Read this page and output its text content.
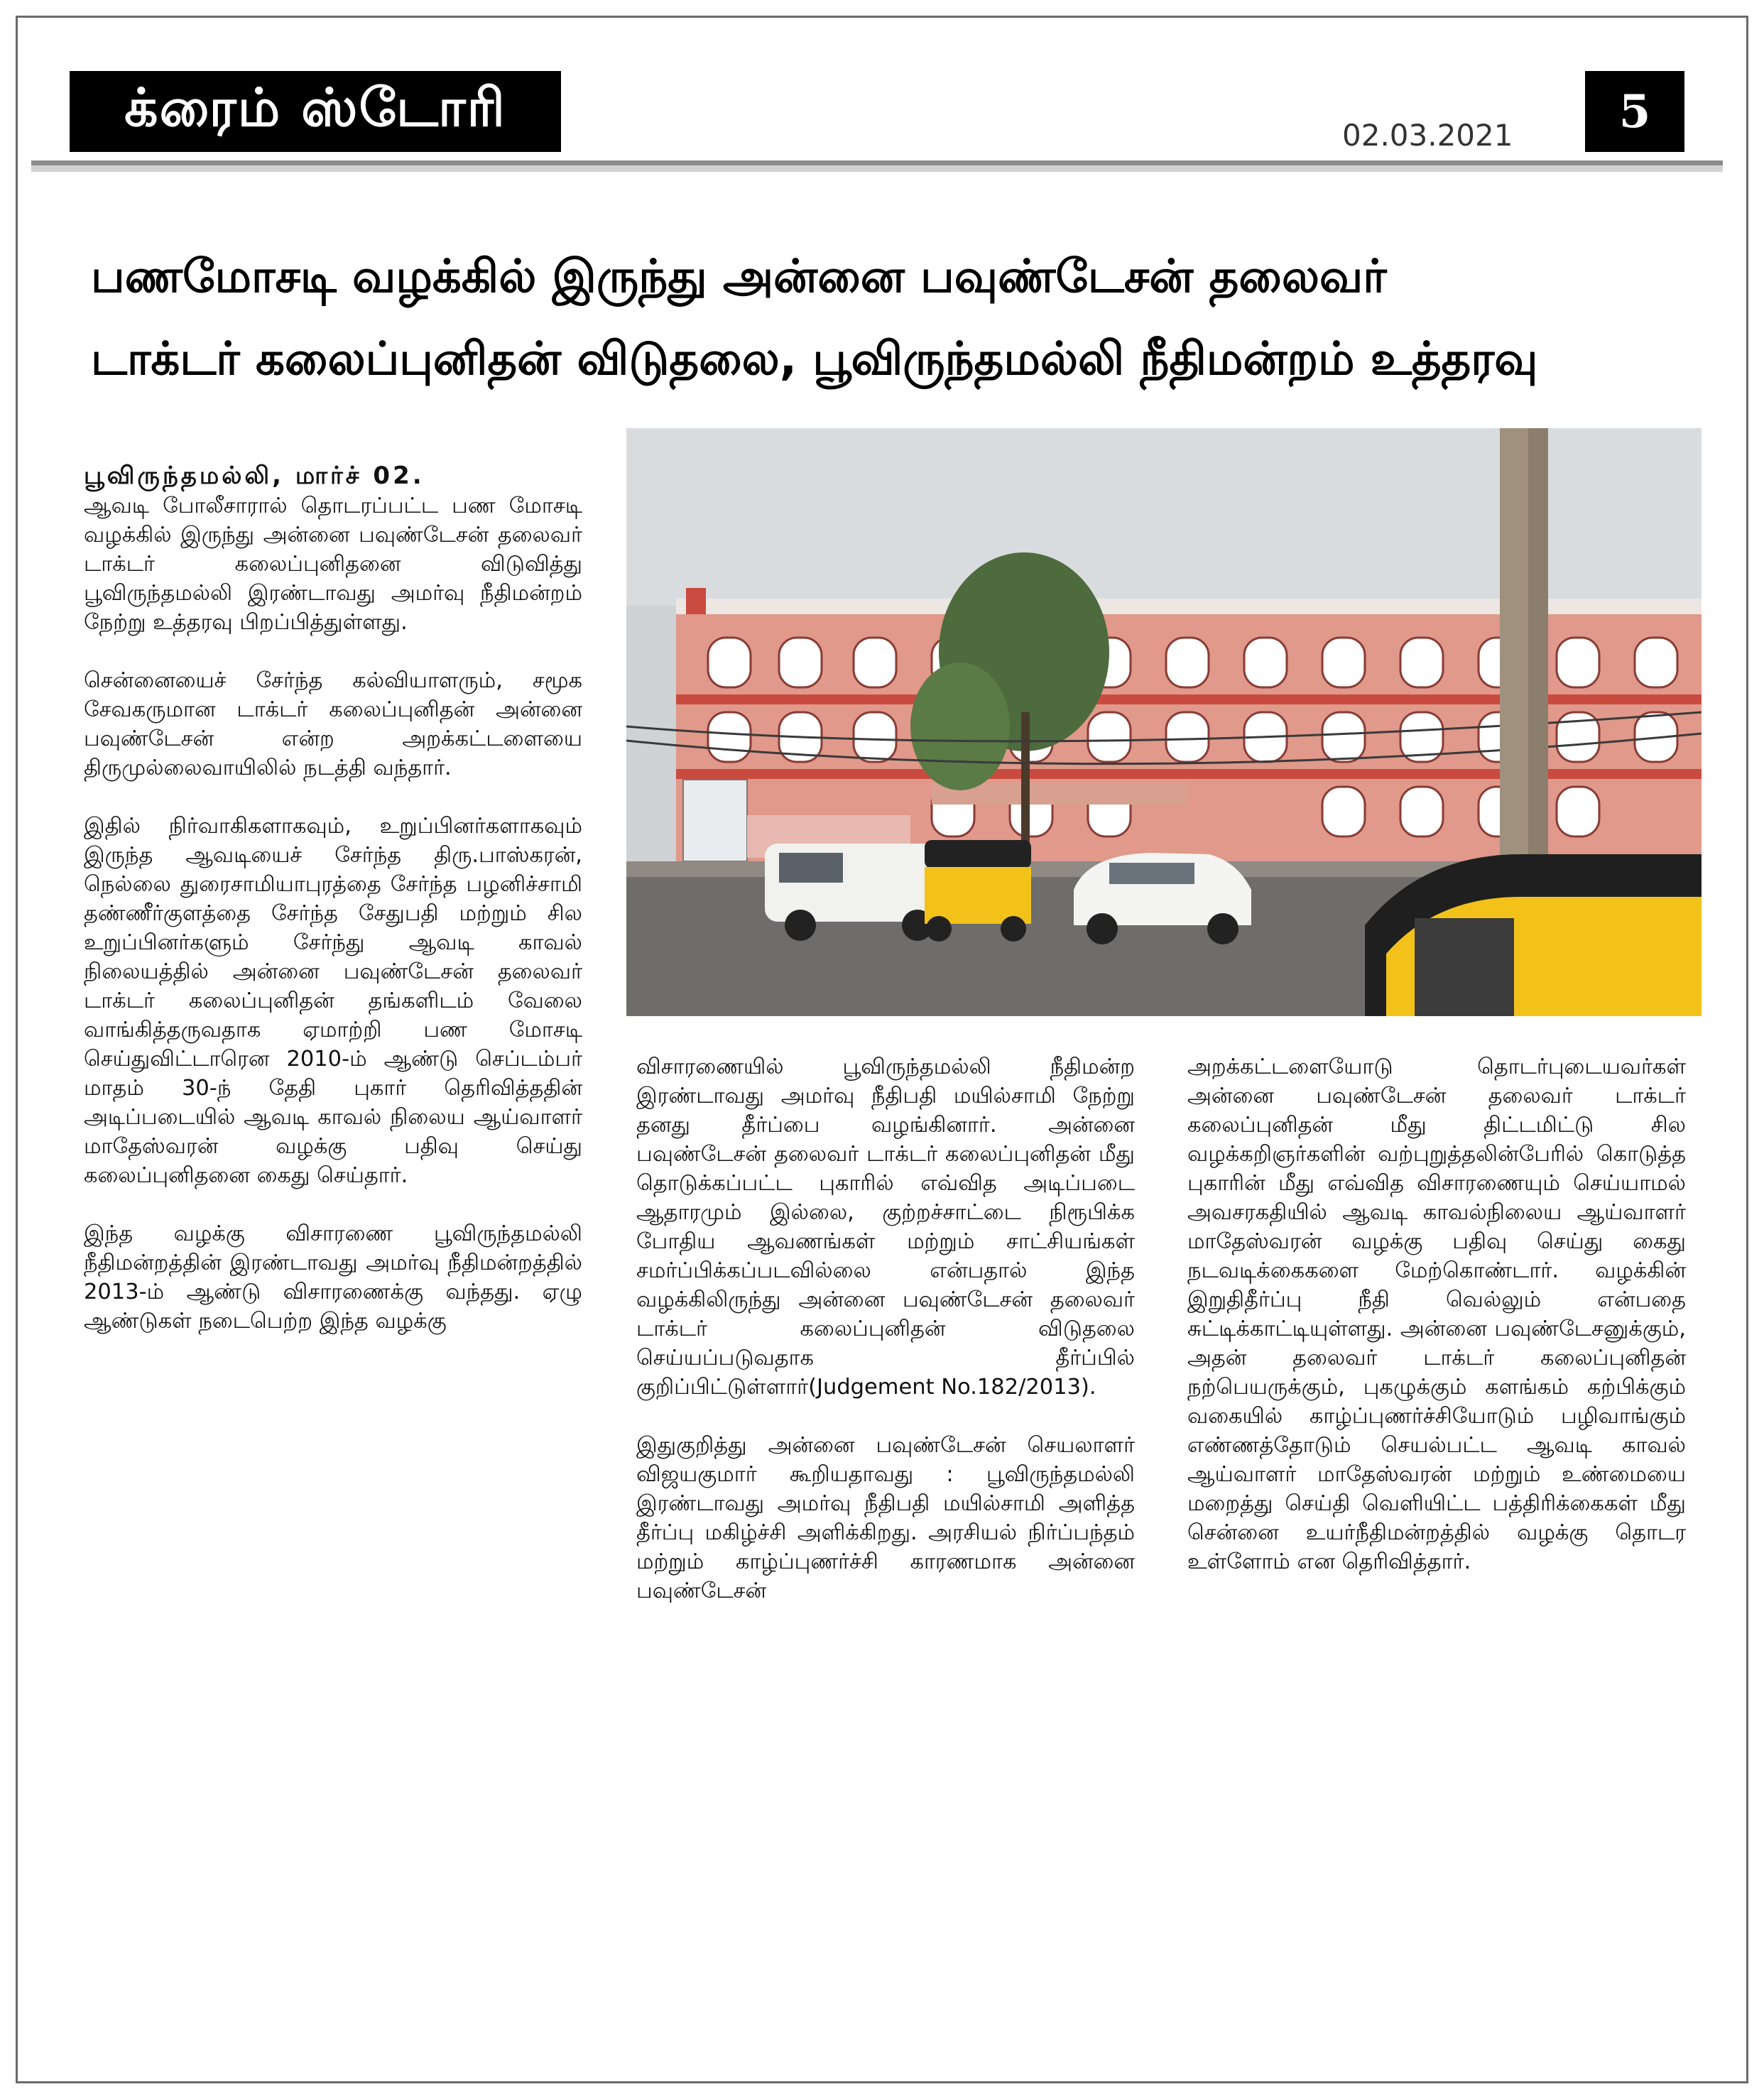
க்ரைம் ஸ்டோரி	02.03.2021	5
பணமோசடி வழக்கில் இருந்து அன்னை பவுண்டேசன் தலைவர்
டாக்டர் கலைப்புனிதன் விடுதலை, பூவிருந்தமல்லி நீதிமன்றம் உத்தரவு

பூவிருந்தமல்லி, மார்ச் 02.

ஆவடி போலீசாரால் தொடரப்பட்ட பண மோசடி வழக்கில் இருந்து அன்னை பவுண்டேசன் தலைவர் டாக்டர் கலைப்புனிதனை விடுவித்து பூவிருந்தமல்லி இரண்டாவது அமர்வு நீதிமன்றம் நேற்று உத்தரவு பிறப்பித்துள்ளது.

சென்னையைச் சேர்ந்த கல்வியாளரும், சமூக சேவகருமான டாக்டர் கலைப்புனிதன் அன்னை பவுண்டேசன் என்ற அறக்கட்டளையை திருமுல்லைவாயிலில் நடத்தி வந்தார்.

இதில் நிர்வாகிகளாகவும், உறுப்பினர்களாகவும் இருந்த ஆவடியைச் சேர்ந்த திரு.பாஸ்கரன், நெல்லை துரைசாமியாபுரத்தை சேர்ந்த பழனிச்சாமி தண்ணீர்குளத்தை சேர்ந்த சேதுபதி மற்றும் சில உறுப்பினர்களும் சேர்ந்து ஆவடி காவல் நிலையத்தில் அன்னை பவுண்டேசன் தலைவர் டாக்டர் கலைப்புனிதன் தங்களிடம் வேலை வாங்கித்தருவதாக ஏமாற்றி பண மோசடி செய்துவிட்டாரென 2010-ம் ஆண்டு செப்டம்பர் மாதம் 30-ந் தேதி புகார் தெரிவித்ததின் அடிப்படையில் ஆவடி காவல் நிலைய ஆய்வாளர் மாதேஸ்வரன் வழக்கு பதிவு செய்து கலைப்புனிதனை கைது செய்தார்.

இந்த வழக்கு விசாரணை பூவிருந்தமல்லி நீதிமன்றத்தின் இரண்டாவது அமர்வு நீதிமன்றத்தில் 2013-ம் ஆண்டு விசாரணைக்கு வந்தது. ஏழு ஆண்டுகள் நடைபெற்ற இந்த வழக்கு

விசாரணையில் பூவிருந்தமல்லி நீதிமன்ற இரண்டாவது அமர்வு நீதிபதி மயில்சாமி நேற்று தனது தீர்ப்பை வழங்கினார். அன்னை பவுண்டேசன் தலைவர் டாக்டர் கலைப்புனிதன் மீது தொடுக்கப்பட்ட புகாரில் எவ்வித அடிப்படை ஆதாரமும் இல்லை, குற்றச்சாட்டை நிரூபிக்க போதிய ஆவணங்கள் மற்றும் சாட்சியங்கள் சமர்ப்பிக்கப்படவில்லை என்பதால் இந்த வழக்கிலிருந்து அன்னை பவுண்டேசன் தலைவர் டாக்டர் கலைப்புனிதன் விடுதலை செய்யப்படுவதாக தீர்ப்பில் குறிப்பிட்டுள்ளார்(Judgement No.182/2013).

இதுகுறித்து அன்னை பவுண்டேசன் செயலாளர் விஜயகுமார் கூறியதாவது : பூவிருந்தமல்லி இரண்டாவது அமர்வு நீதிபதி மயில்சாமி அளித்த தீர்ப்பு மகிழ்ச்சி அளிக்கிறது. அரசியல் நிர்ப்பந்தம் மற்றும் காழ்ப்புணர்ச்சி காரணமாக அன்னை பவுண்டேசன்

அறக்கட்டளையோடு தொடர்புடையவர்கள் அன்னை பவுண்டேசன் தலைவர் டாக்டர் கலைப்புனிதன் மீது திட்டமிட்டு சில வழக்கறிஞர்களின் வற்புறுத்தலின்பேரில் கொடுத்த புகாரின் மீது எவ்வித விசாரணையும் செய்யாமல் அவசரகதியில் ஆவடி காவல்நிலைய ஆய்வாளர் மாதேஸ்வரன் வழக்கு பதிவு செய்து கைது நடவடிக்கைகளை மேற்கொண்டார். வழக்கின் இறுதிதீர்ப்பு நீதி வெல்லும் என்பதை சுட்டிக்காட்டியுள்ளது. அன்னை பவுண்டேசனுக்கும், அதன் தலைவர் டாக்டர் கலைப்புனிதன் நற்பெயருக்கும், புகழுக்கும் களங்கம் கற்பிக்கும் வகையில் காழ்ப்புணர்ச்சியோடும் பழிவாங்கும் எண்ணத்தோடும் செயல்பட்ட ஆவடி காவல் ஆய்வாளர் மாதேஸ்வரன் மற்றும் உண்மையை மறைத்து செய்தி வெளியிட்ட பத்திரிக்கைகள் மீது சென்னை உயர்நீதிமன்றத்தில் வழக்கு தொடர உள்ளோம் என தெரிவித்தார்.
